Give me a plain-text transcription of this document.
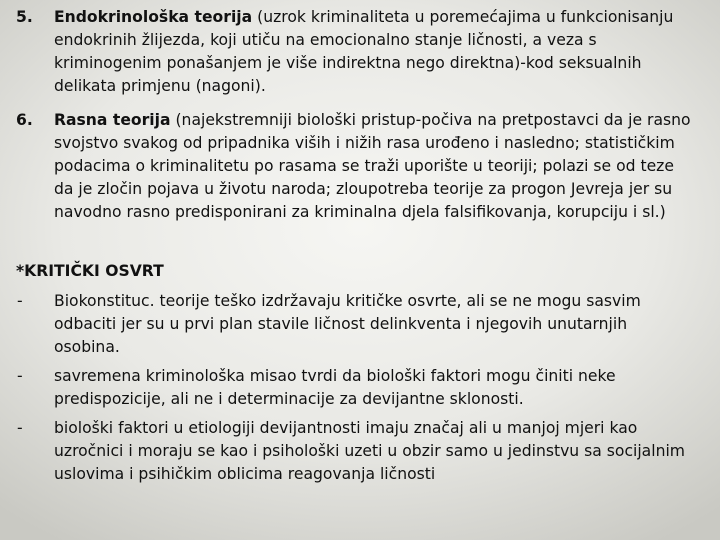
5. Endokrinološka teorija (uzrok kriminaliteta u poremećajima u funkcionisanju
endokrinih žlijezda, koji utiču na emocionalno stanje ličnosti, a veza s
kriminogenim ponašanjem je više indirektna nego direktna)-kod seksualnih
delikata primjenu (nagoni).
6. Rasna teorija (najekstremniji biološki pristup-počiva na pretpostavci da je rasno
svojstvo svakog od pripadnika viših i nižih rasa urođeno i nasledno; statističkim
podacima o kriminalitetu po rasama se traži uporište u teoriji; polazi se od teze
da je zločin pojava u životu naroda; zloupotreba teorije za progon Jevreja jer su
navodno rasno predisponirani za kriminalna djela falsifikovanja, korupciju i sl.)
*KRITIČKI OSVRT
- Biokonstituc. teorije teško izdržavaju kritičke osvrte, ali se ne mogu sasvim
odbaciti jer su u prvi plan stavile ličnost delinkventa i njegovih unutarnjih
osobina.
- savremena kriminološka misao tvrdi da biološki faktori mogu činiti neke
predispozicije, ali ne i determinacije za devijantne sklonosti.
- biološki faktori u etiologiji devijantnosti imaju značaj ali u manjoj mjeri kao
uzročnici i moraju se kao i psihološki uzeti u obzir samo u jedinstvu sa socijalnim
uslovima i psihičkim oblicima reagovanja ličnosti
